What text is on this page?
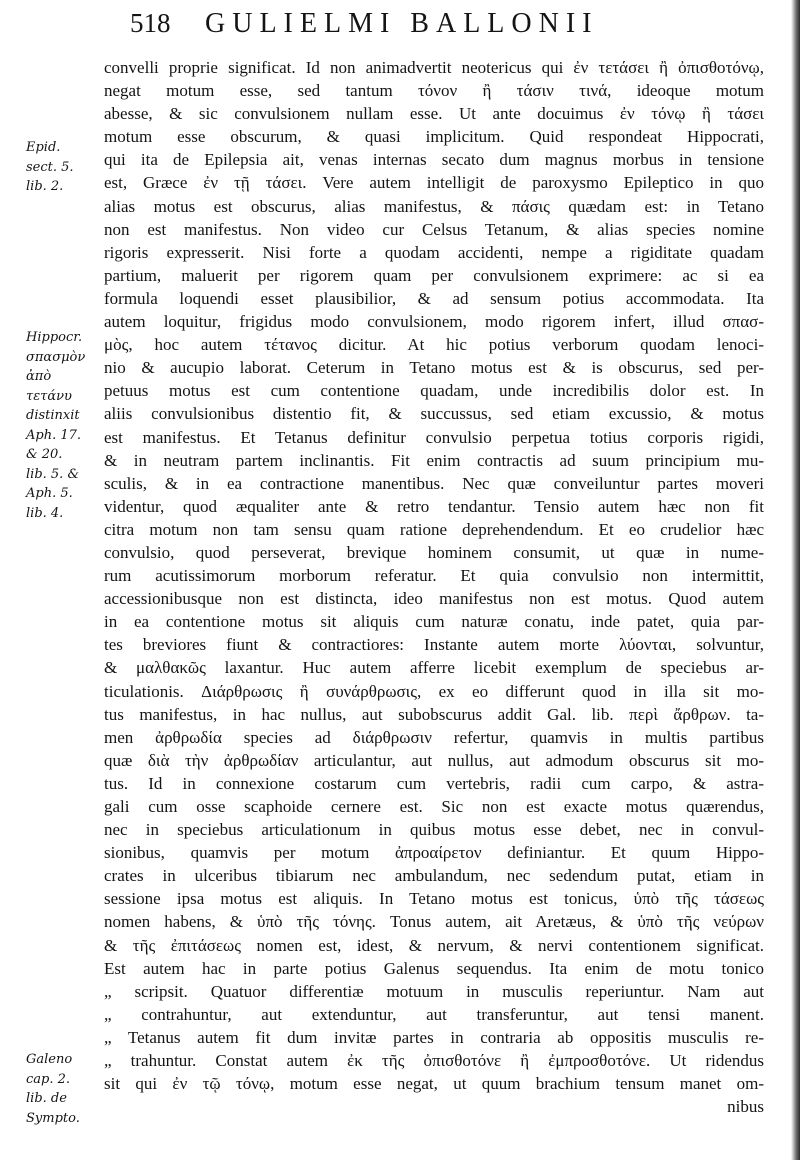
518 GULIELMI BALLONII
Epid.
sect. 5.
lib. 2.
Hippocr.
σπασμὸν
ἀπὸ
τετάνυ
distinxit
Aph. 17.
& 20.
lib. 5. &
Aph. 5.
lib. 4.
Galeno
cap. 2.
lib. de
Sympto.
convelli proprie significat. Id non animadvertit neotericus qui ἐν τετάσει ἢ ὀπισθοτόνῳ,
negat motum esse, sed tantum τόνον ἢ τάσιν τινά, ideoque motum
abesse, & sic convulsionem nullam esse. Ut ante docuimus ἐν τόνῳ ἢ τάσει
motum esse obscurum, & quasi implicitum. Quid respondeat Hippocrati,
qui ita de Epilepsia ait, venas internas secato dum magnus morbus in tensione
est, Græce ἐν τῇ τάσει. Vere autem intelligit de paroxysmo Epileptico in quo
alias motus est obscurus, alias manifestus, & πάσις quædam est: in Tetano
non est manifestus. Non video cur Celsus Tetanum, & alias species nomine
rigoris expresserit. Nisi forte a quodam accidenti, nempe a rigiditate quadam
partium, maluerit per rigorem quam per convulsionem exprimere: ac si ea
formula loquendi esset plausibilior, & ad sensum potius accommodata. Ita
autem loquitur, frigidus modo convulsionem, modo rigorem infert, illud σπασ-
μὸς, hoc autem τέτανος dicitur. At hic potius verborum quodam lenoci-
nio & aucupio laborat. Ceterum in Tetano motus est & is obscurus, sed per-
petuus motus est cum contentione quadam, unde incredibilis dolor est. In
aliis convulsionibus distentio fit, & succussus, sed etiam excussio, & motus
est manifestus. Et Tetanus definitur convulsio perpetua totius corporis rigidi,
& in neutram partem inclinantis. Fit enim contractis ad suum principium mu-
sculis, & in ea contractione manentibus. Nec quæ conveiluntur partes moveri
videntur, quod æqualiter ante & retro tendantur. Tensio autem hæc non fit
citra motum non tam sensu quam ratione deprehendendum. Et eo crudelior hæc
convulsio, quod perseverat, brevique hominem consumit, ut quæ in nume-
rum acutissimorum morborum referatur. Et quia convulsio non intermittit,
accessionibusque non est distincta, ideo manifestus non est motus. Quod autem
in ea contentione motus sit aliquis cum naturæ conatu, inde patet, quia par-
tes breviores fiunt & contractiores: Instante autem morte λύονται, solvuntur,
& μαλθακῶς laxantur. Huc autem afferre licebit exemplum de speciebus ar-
ticulationis. Διάρθρωσις ἢ συνάρθρωσις, ex eo differunt quod in illa sit mo-
tus manifestus, in hac nullus, aut subobscurus addit Gal. lib. περὶ ἄρθρων. ta-
men ἀρθρωδία species ad διάρθρωσιν refertur, quamvis in multis partibus
quæ διὰ τὴν ἀρθρωδίαν articulantur, aut nullus, aut admodum obscurus sit mo-
tus. Id in connexione costarum cum vertebris, radii cum carpo, & astra-
gali cum osse scaphoide cernere est. Sic non est exacte motus quærendus,
nec in speciebus articulationum in quibus motus esse debet, nec in convul-
sionibus, quamvis per motum ἀπροαίρετον definiantur. Et quum Hippo-
crates in ulceribus tibiarum nec ambulandum, nec sedendum putat, etiam in
sessione ipsa motus est aliquis. In Tetano motus est tonicus, ὑπὸ τῆς τάσεως
nomen habens, & ὑπὸ τῆς τόνης. Tonus autem, ait Aretæus, & ὑπὸ τῆς νεύρων
& τῆς ἐπιτάσεως nomen est, idest, & nervum, & nervi contentionem significat.
Est autem hac in parte potius Galenus sequendus. Ita enim de motu tonico
„ scripsit. Quatuor differentiæ motuum in musculis reperiuntur. Nam aut
„ contrahuntur, aut extenduntur, aut transferuntur, aut tensi manent.
„ Tetanus autem fit dum invitæ partes in contraria ab oppositis musculis re-
„ trahuntur. Constat autem ἐκ τῆς ὀπισθοτόνε ἢ ἐμπροσθοτόνε. Ut ridendus
sit qui ἐν τῷ τόνῳ, motum esse negat, ut quum brachium tensum manet om-
nibus
